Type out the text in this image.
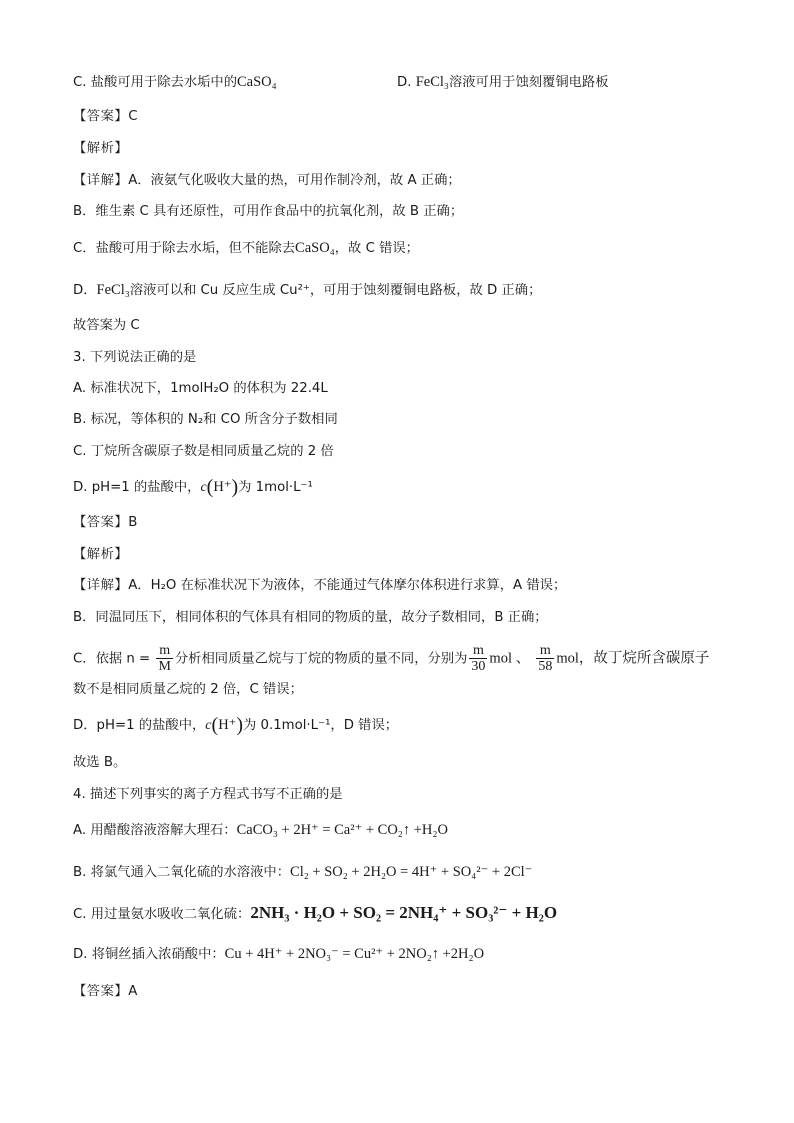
C. 盐酸可用于除去水垢中的CaSO₄	D. FeCl₃溶液可用于蚀刻覆铜电路板
【答案】C
【解析】
【详解】A．液氨气化吸收大量的热，可用作制冷剂，故 A 正确；
B．维生素 C 具有还原性，可用作食品中的抗氧化剂，故 B 正确；
C．盐酸可用于除去水垢，但不能除去CaSO₄，故 C 错误；
D．FeCl₃溶液可以和 Cu 反应生成 Cu²⁺，可用于蚀刻覆铜电路板，故 D 正确；
故答案为 C
3. 下列说法正确的是
A. 标准状况下，1molH₂O 的体积为 22.4L
B. 标况，等体积的 N₂和 CO 所含分子数相同
C. 丁烷所含碳原子数是相同质量乙烷的 2 倍
D. pH=1 的盐酸中，c(H⁺)为 1mol·L⁻¹
【答案】B
【解析】
【详解】A．H₂O 在标准状况下为液体，不能通过气体摩尔体积进行求算，A 错误；
B．同温同压下，相同体积的气体具有相同的物质的量，故分子数相同，B 正确；
C．依据 $n = \frac{m}{M}$ 分析相同质量乙烷与丁烷的物质的量不同，分别为 $\frac{m}{30}$ mol 、 $\frac{m}{58}$ mol，故丁烷所含碳原子
数不是相同质量乙烷的 2 倍，C 错误；
D．pH=1 的盐酸中，c(H⁺)为 0.1mol·L⁻¹，D 错误；
故选 B。
4. 描述下列事实的离子方程式书写不正确的是
A. 用醋酸溶液溶解大理石：CaCO₃ + 2H⁺ = Ca²⁺ + CO₂↑ +H₂O
B. 将氯气通入二氧化硫的水溶液中：Cl₂ + SO₂ + 2H₂O = 4H⁺ + SO₄²⁻ + 2Cl⁻
C. 用过量氨水吸收二氧化硫：2NH₃ · H₂O + SO₂ = 2NH₄⁺ + SO₃²⁻ + H₂O
D. 将铜丝插入浓硝酸中：Cu + 4H⁺ + 2NO₃⁻ = Cu²⁺ + 2NO₂↑ +2H₂O
【答案】A
